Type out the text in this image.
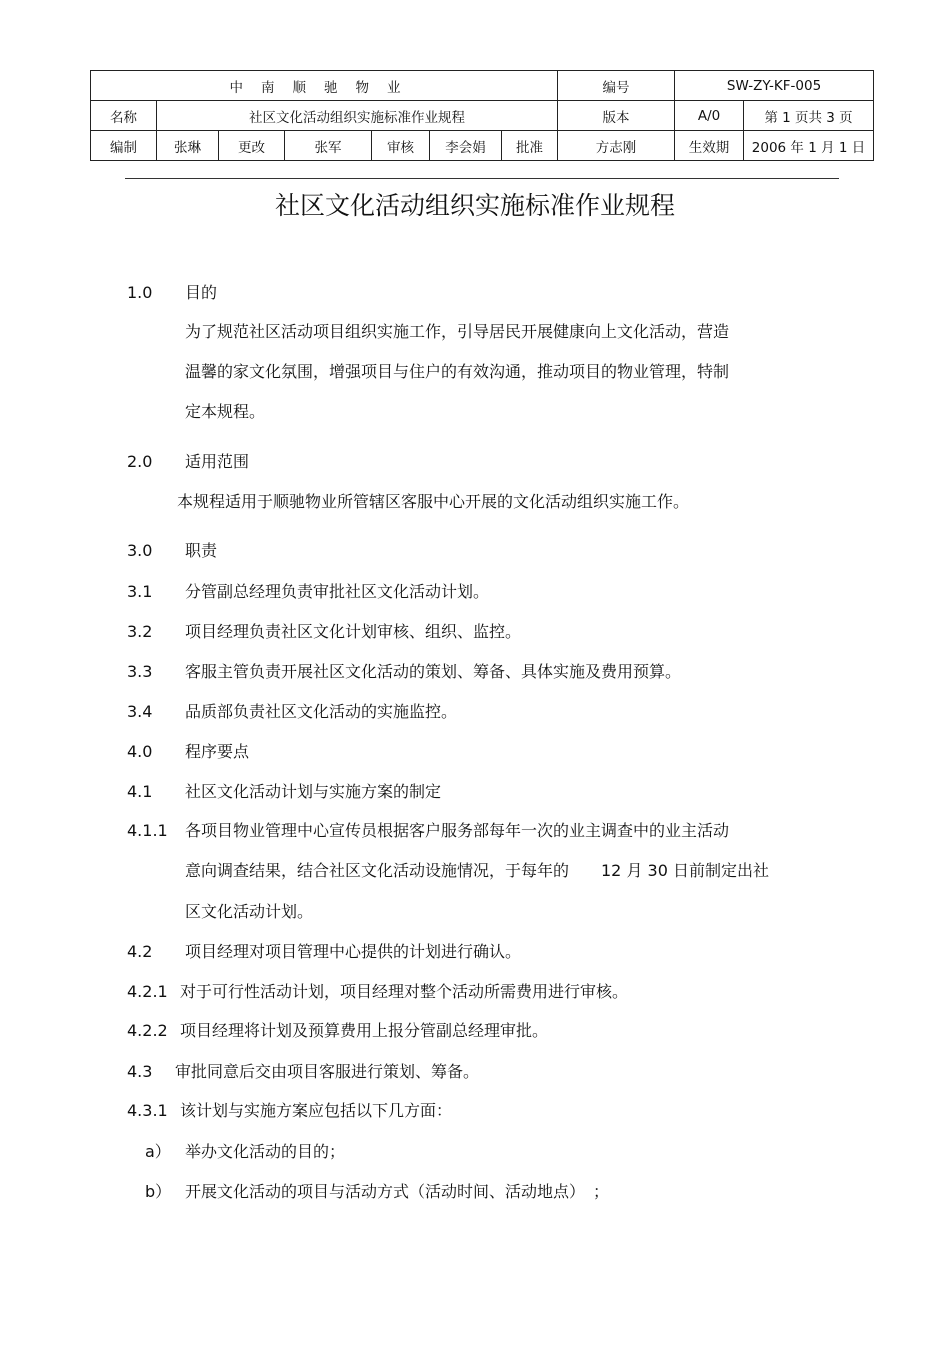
中南顺驰物业							编号	SW-ZY-KF-005	
名称	社区文化活动组织实施标准作业规程						版本	A/0	第 1 页共 3 页
编制	张琳	更改	张军	审核	李会娟	批准	方志刚	生效期	2006 年 1 月 1 日
社区文化活动组织实施标准作业规程
1.0 目的
为了规范社区活动项目组织实施工作，引导居民开展健康向上文化活动，营造
温馨的家文化氛围，增强项目与住户的有效沟通，推动项目的物业管理，特制
定本规程。
2.0 适用范围
本规程适用于顺驰物业所管辖区客服中心开展的文化活动组织实施工作。
3.0 职责
3.1 分管副总经理负责审批社区文化活动计划。
3.2 项目经理负责社区文化计划审核、组织、监控。
3.3 客服主管负责开展社区文化活动的策划、筹备、具体实施及费用预算。
3.4 品质部负责社区文化活动的实施监控。
4.0 程序要点
4.1 社区文化活动计划与实施方案的制定
4.1.1 各项目物业管理中心宣传员根据客户服务部每年一次的业主调查中的业主活动
意向调查结果，结合社区文化活动设施情况，于每年的　　12 月 30 日前制定出社
区文化活动计划。
4.2 项目经理对项目管理中心提供的计划进行确认。
4.2.1 对于可行性活动计划，项目经理对整个活动所需费用进行审核。
4.2.2 项目经理将计划及预算费用上报分管副总经理审批。
4.3 审批同意后交由项目客服进行策划、筹备。
4.3.1 该计划与实施方案应包括以下几方面：
a） 举办文化活动的目的；
b） 开展文化活动的项目与活动方式（活动时间、活动地点）　；
